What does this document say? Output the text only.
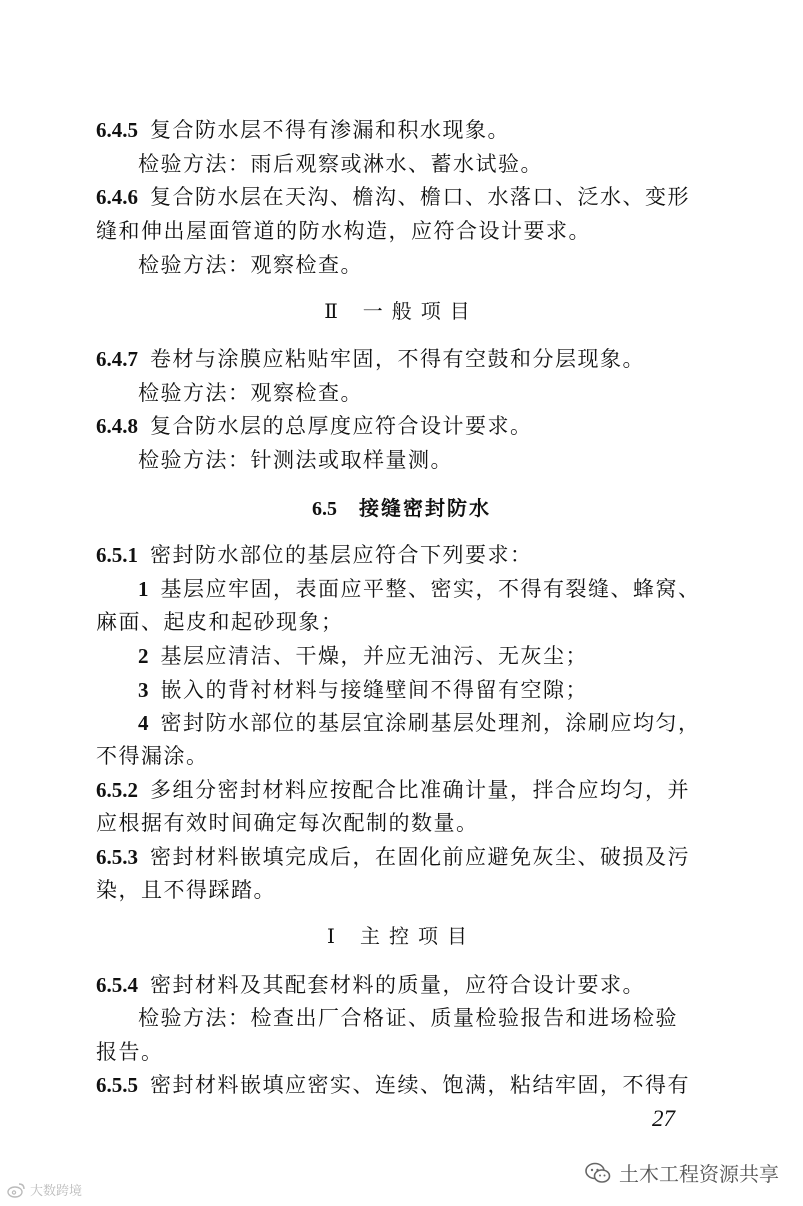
6.4.5 复合防水层不得有渗漏和积水现象。
检验方法：雨后观察或淋水、蓄水试验。
6.4.6 复合防水层在天沟、檐沟、檐口、水落口、泛水、变形
缝和伸出屋面管道的防水构造，应符合设计要求。
检验方法：观察检查。
Ⅱ 一般项目
6.4.7 卷材与涂膜应粘贴牢固，不得有空鼓和分层现象。
检验方法：观察检查。
6.4.8 复合防水层的总厚度应符合设计要求。
检验方法：针测法或取样量测。
6.5 接缝密封防水
6.5.1 密封防水部位的基层应符合下列要求：
1 基层应牢固，表面应平整、密实，不得有裂缝、蜂窝、
麻面、起皮和起砂现象；
2 基层应清洁、干燥，并应无油污、无灰尘；
3 嵌入的背衬材料与接缝壁间不得留有空隙；
4 密封防水部位的基层宜涂刷基层处理剂，涂刷应均匀，
不得漏涂。
6.5.2 多组分密封材料应按配合比准确计量，拌合应均匀，并
应根据有效时间确定每次配制的数量。
6.5.3 密封材料嵌填完成后，在固化前应避免灰尘、破损及污
染，且不得踩踏。
Ⅰ 主控项目
6.5.4 密封材料及其配套材料的质量，应符合设计要求。
检验方法：检查出厂合格证、质量检验报告和进场检验
报告。
6.5.5 密封材料嵌填应密实、连续、饱满，粘结牢固，不得有
27
土木工程资源共享
大数跨境
